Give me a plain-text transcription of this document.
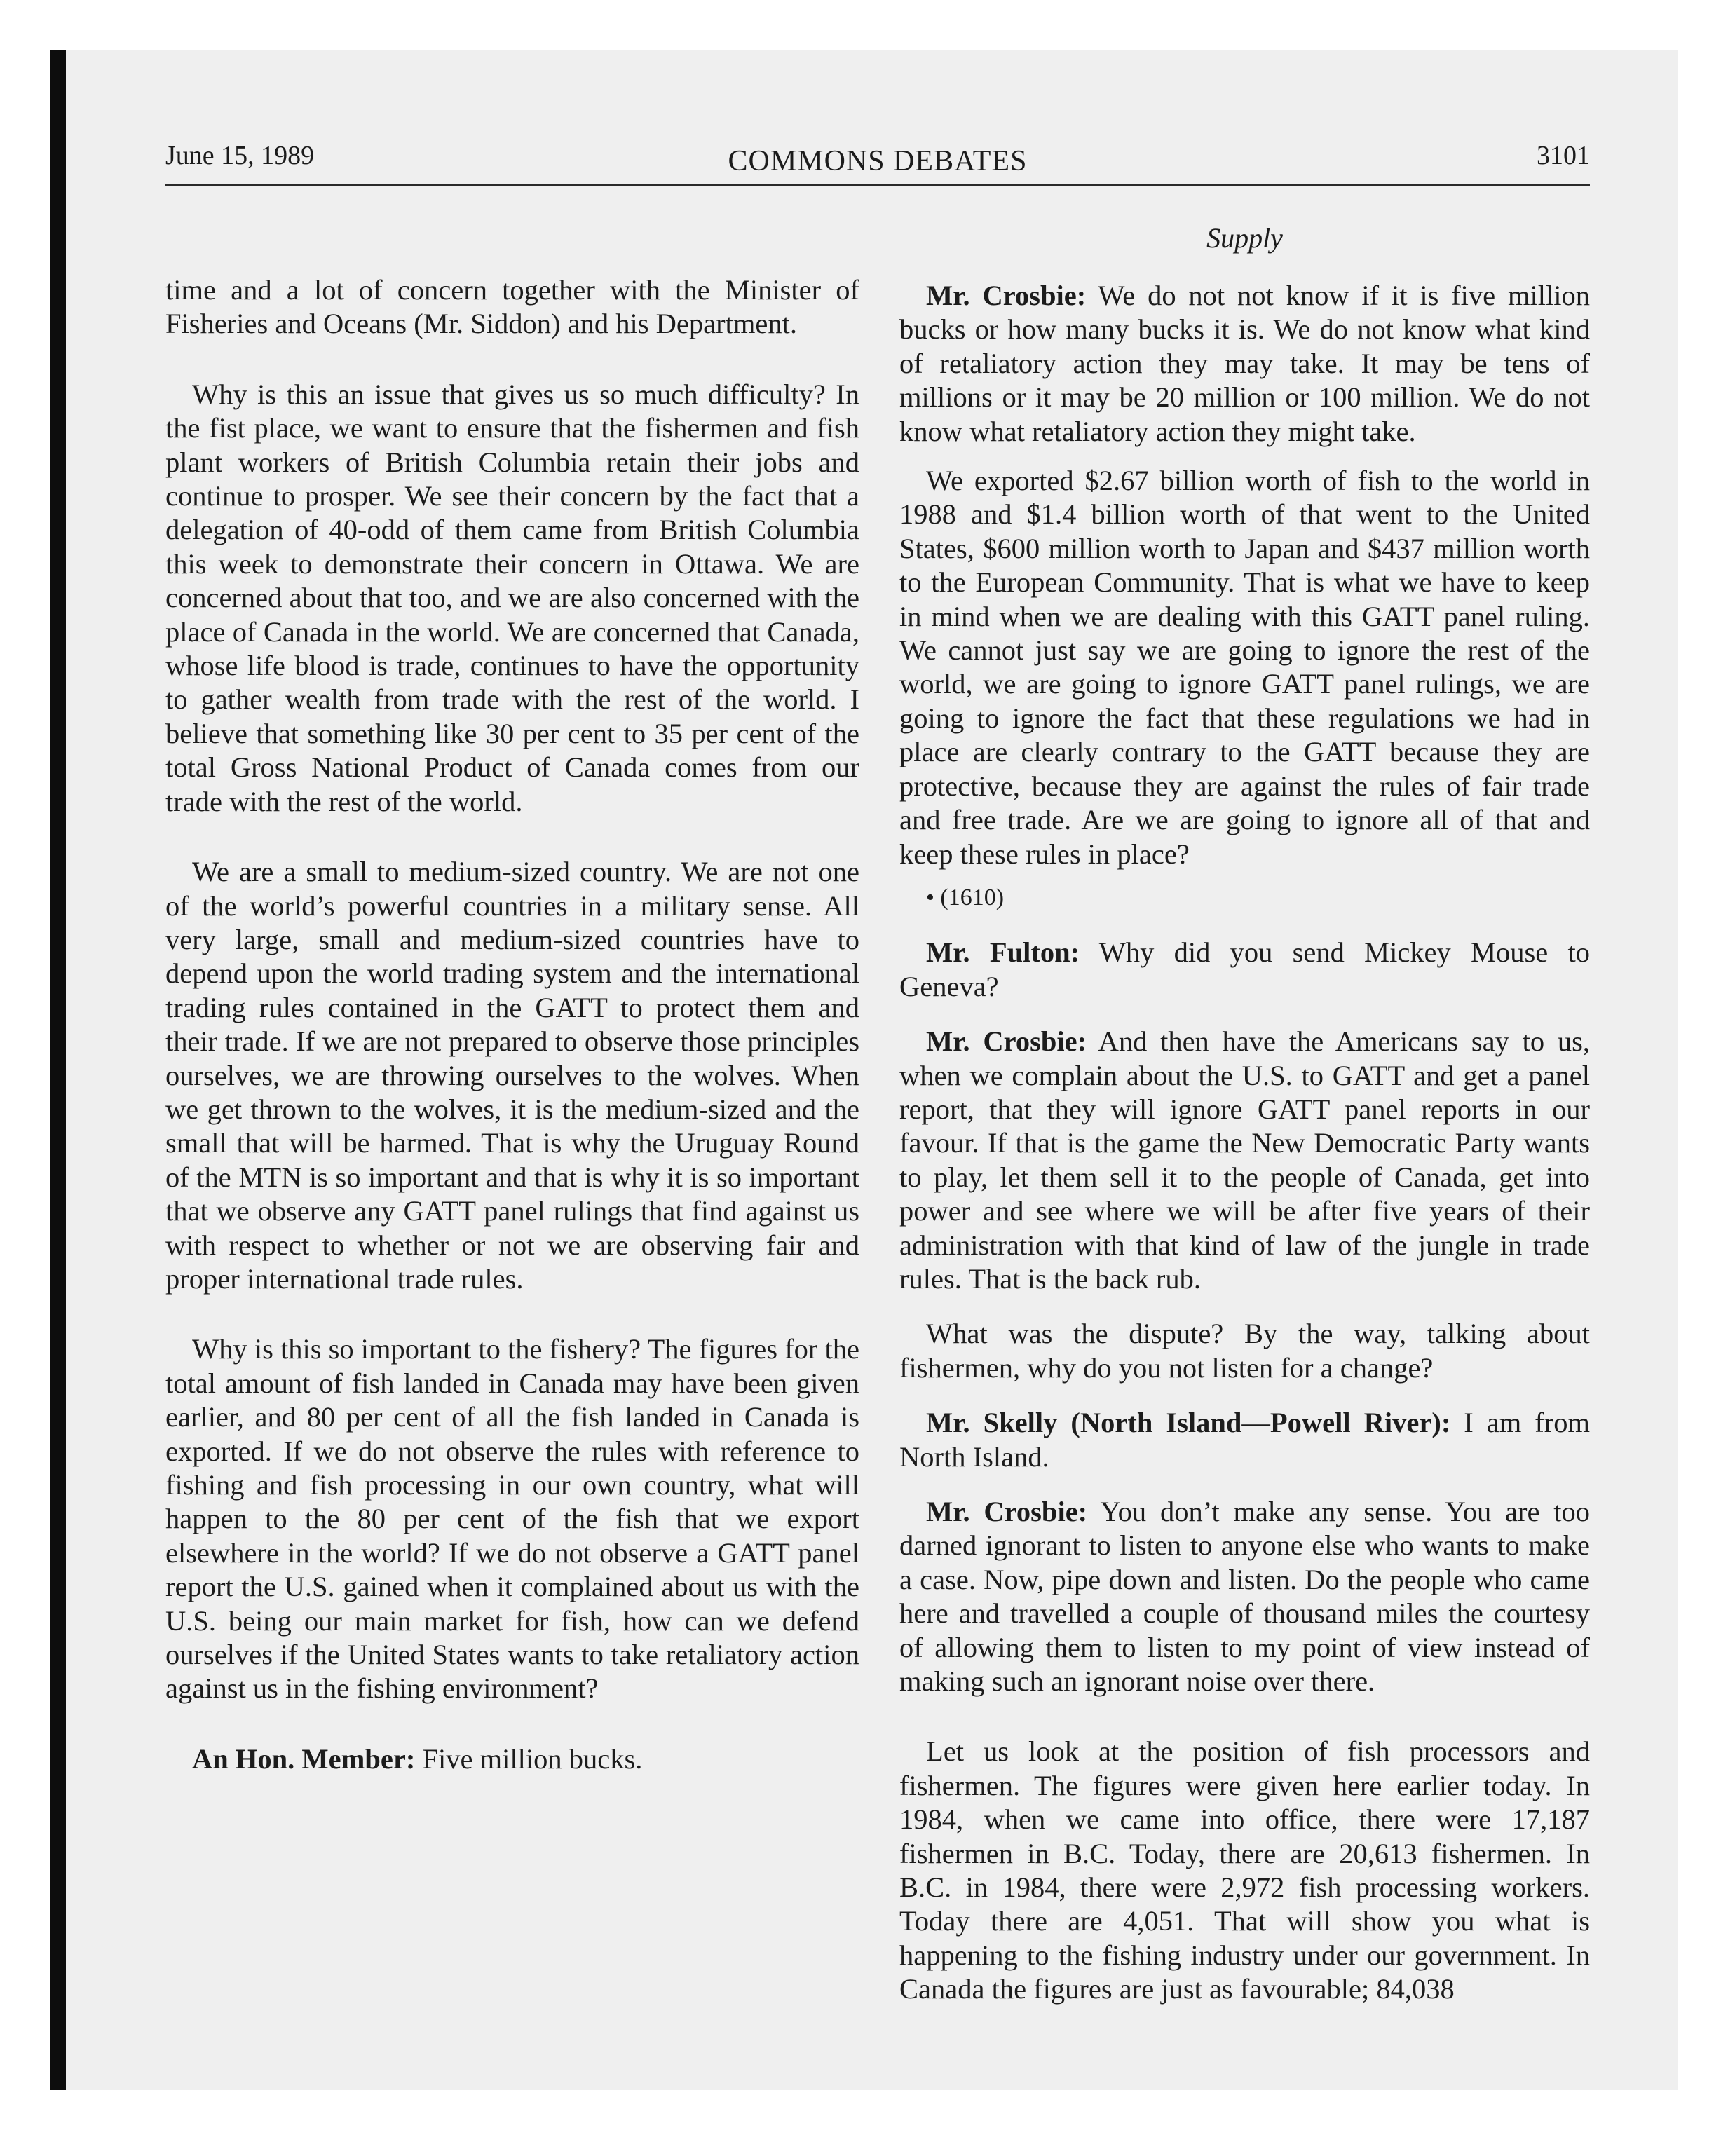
June 15, 1989	COMMONS DEBATES	3101
Supply

time and a lot of concern together with the Minister of Fisheries and Oceans (Mr. Siddon) and his Department.

Why is this an issue that gives us so much difficulty? In the fist place, we want to ensure that the fishermen and fish plant workers of British Columbia retain their jobs and continue to prosper. We see their concern by the fact that a delegation of 40-odd of them came from British Columbia this week to demonstrate their concern in Ottawa. We are concerned about that too, and we are also concerned with the place of Canada in the world. We are concerned that Canada, whose life blood is trade, continues to have the opportunity to gather wealth from trade with the rest of the world. I believe that something like 30 per cent to 35 per cent of the total Gross National Product of Canada comes from our trade with the rest of the world.

We are a small to medium-sized country. We are not one of the world’s powerful countries in a military sense. All very large, small and medium-sized countries have to depend upon the world trading system and the international trading rules contained in the GATT to protect them and their trade. If we are not prepared to observe those principles ourselves, we are throwing ourselves to the wolves. When we get thrown to the wolves, it is the medium-sized and the small that will be harmed. That is why the Uruguay Round of the MTN is so important and that is why it is so important that we observe any GATT panel rulings that find against us with respect to whether or not we are observing fair and proper international trade rules.

Why is this so important to the fishery? The figures for the total amount of fish landed in Canada may have been given earlier, and 80 per cent of all the fish landed in Canada is exported. If we do not observe the rules with reference to fishing and fish processing in our own country, what will happen to the 80 per cent of the fish that we export elsewhere in the world? If we do not observe a GATT panel report the U.S. gained when it complained about us with the U.S. being our main market for fish, how can we defend ourselves if the United States wants to take retaliatory action against us in the fishing environment?

An Hon. Member: Five million bucks.

Mr. Crosbie: We do not not know if it is five million bucks or how many bucks it is. We do not know what kind of retaliatory action they may take. It may be tens of millions or it may be 20 million or 100 million. We do not know what retaliatory action they might take.

We exported $2.67 billion worth of fish to the world in 1988 and $1.4 billion worth of that went to the United States, $600 million worth to Japan and $437 million worth to the European Community. That is what we have to keep in mind when we are dealing with this GATT panel ruling. We cannot just say we are going to ignore the rest of the world, we are going to ignore GATT panel rulings, we are going to ignore the fact that these regulations we had in place are clearly contrary to the GATT because they are protective, because they are against the rules of fair trade and free trade. Are we are going to ignore all of that and keep these rules in place?

• (1610)

Mr. Fulton: Why did you send Mickey Mouse to Geneva?

Mr. Crosbie: And then have the Americans say to us, when we complain about the U.S. to GATT and get a panel report, that they will ignore GATT panel reports in our favour. If that is the game the New Democratic Party wants to play, let them sell it to the people of Canada, get into power and see where we will be after five years of their administration with that kind of law of the jungle in trade rules. That is the back rub.

What was the dispute? By the way, talking about fishermen, why do you not listen for a change?

Mr. Skelly (North Island—Powell River): I am from North Island.

Mr. Crosbie: You don’t make any sense. You are too darned ignorant to listen to anyone else who wants to make a case. Now, pipe down and listen. Do the people who came here and travelled a couple of thousand miles the courtesy of allowing them to listen to my point of view instead of making such an ignorant noise over there.

Let us look at the position of fish processors and fishermen. The figures were given here earlier today. In 1984, when we came into office, there were 17,187 fishermen in B.C. Today, there are 20,613 fishermen. In B.C. in 1984, there were 2,972 fish processing workers. Today there are 4,051. That will show you what is happening to the fishing industry under our government. In Canada the figures are just as favourable; 84,038
